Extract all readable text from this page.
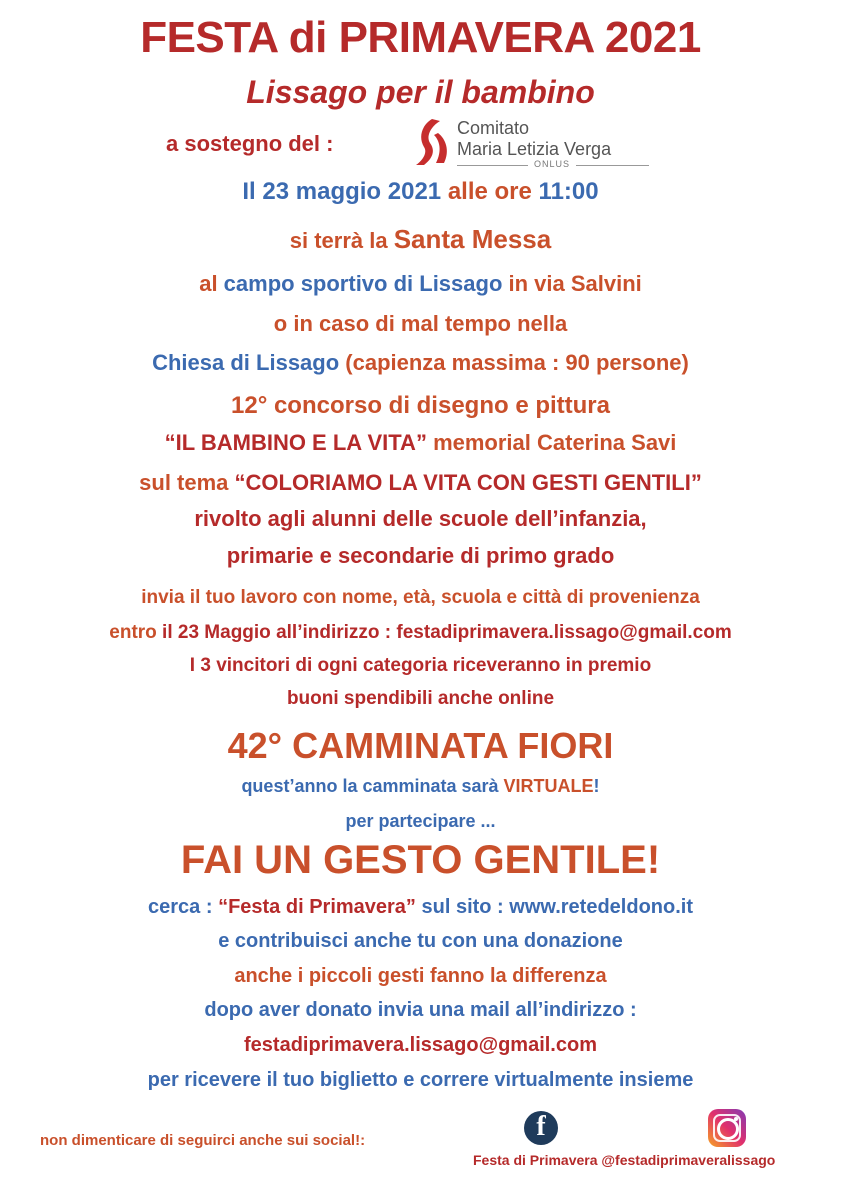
FESTA di PRIMAVERA 2021
Lissago per il bambino
a sostegno del :
Comitato
Maria Letizia Verga
ONLUS
Il 23 maggio 2021 alle ore 11:00
si terrà la Santa Messa
al campo sportivo di Lissago in via Salvini
o in caso di mal tempo nella
Chiesa di Lissago (capienza massima : 90 persone)
12° concorso di disegno e pittura
“IL BAMBINO E LA VITA” memorial Caterina Savi
sul tema “COLORIAMO LA VITA CON GESTI GENTILI”
rivolto agli alunni delle scuole dell’infanzia,
primarie e secondarie di primo grado
invia il tuo lavoro con nome, età, scuola e città di provenienza
entro il 23 Maggio all’indirizzo : festadiprimavera.lissago@gmail.com
I 3 vincitori di ogni categoria riceveranno in premio
buoni spendibili anche online
42° CAMMINATA FIORI
quest’anno la camminata sarà VIRTUALE!
per partecipare ...
FAI UN GESTO GENTILE!
cerca : “Festa di Primavera” sul sito : www.retedeldono.it
e contribuisci anche tu con una donazione
anche i piccoli gesti fanno la differenza
dopo aver donato invia una mail all’indirizzo :
festadiprimavera.lissago@gmail.com
per ricevere il tuo biglietto e correre virtualmente insieme
non dimenticare di seguirci anche sui social!:	f
Festa di Primavera @festadiprimaveralissago
